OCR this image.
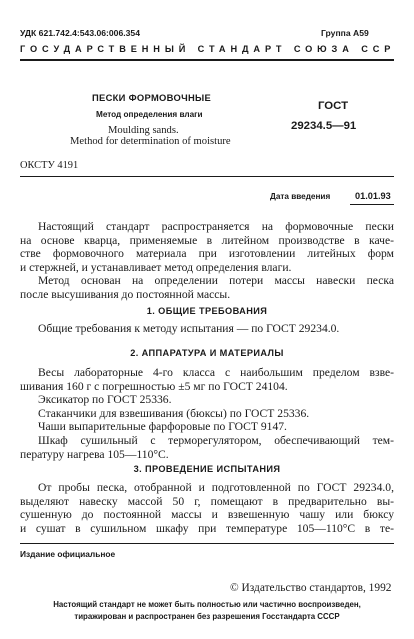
УДК 621.742.4:543.06:006.354	Группа А59
ГОСУДАРСТВЕННЫЙ СТАНДАРТ СОЮЗА ССР
ПЕСКИ ФОРМОВОЧНЫЕ
Метод определения влаги
Moulding sands.
Method for determination of moisture
ГОСТ
29234.5—91
ОКСТУ 4191
Дата введения	01.01.93
Настоящий стандарт распространяется на формовочные пески
на основе кварца, применяемые в литейном производстве в каче-
стве формовочного материала при изготовлении литейных форм
и стержней, и устанавливает метод определения влаги.
Метод основан на определении потери массы навески песка
после высушивания до постоянной массы.
1. ОБЩИЕ ТРЕБОВАНИЯ
Общие требования к методу испытания — по ГОСТ 29234.0.
2. АППАРАТУРА И МАТЕРИАЛЫ
Весы лабораторные 4-го класса с наибольшим пределом взве-
шивания 160 г с погрешностью ±5 мг по ГОСТ 24104.
Эксикатор по ГОСТ 25336.
Стаканчики для взвешивания (бюксы) по ГОСТ 25336.
Чаши выпарительные фарфоровые по ГОСТ 9147.
Шкаф сушильный с терморегулятором, обеспечивающий тем-
пературу нагрева 105—110°С.
3. ПРОВЕДЕНИЕ ИСПЫТАНИЯ
От пробы песка, отобранной и подготовленной по ГОСТ 29234.0,
выделяют навеску массой 50 г, помещают в предварительно вы-
сушенную до постоянной массы и взвешенную чашу или бюксу
и сушат в сушильном шкафу при температуре 105—110°С в те-
Издание официальное
© Издательство стандартов, 1992
Настоящий стандарт не может быть полностью или частично воспроизведен,
тиражирован и распространен без разрешения Госстандарта СССР
